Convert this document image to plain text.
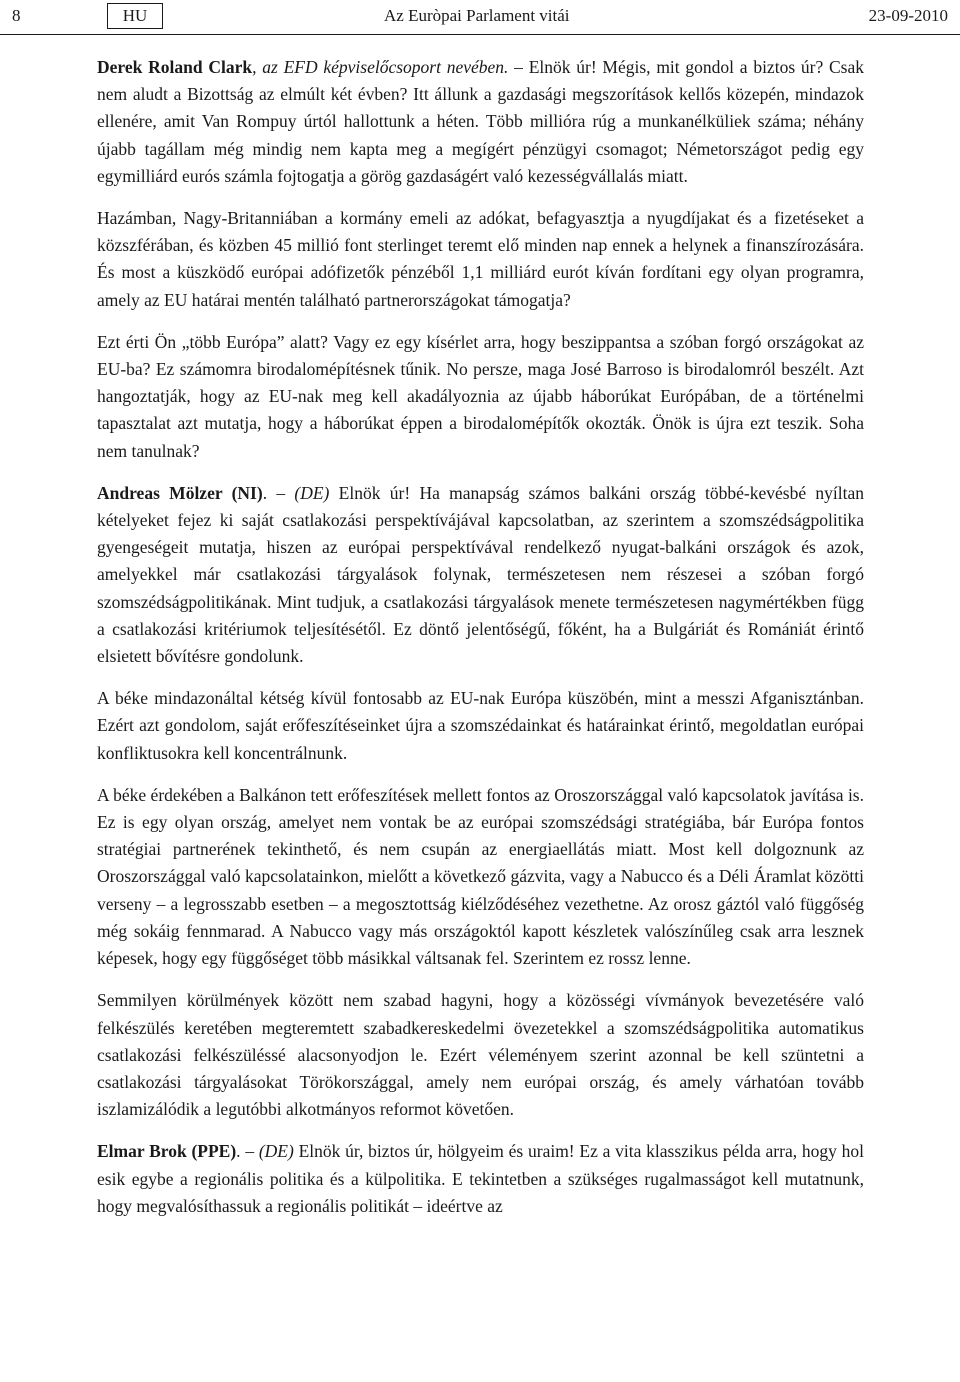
8	HU	Az Euròpai Parlament vitái	23-09-2010

Derek Roland Clark, az EFD képviselőcsoport nevében. – Elnök úr! Mégis, mit gondol a biztos úr? Csak nem aludt a Bizottság az elmúlt két évben? Itt állunk a gazdasági megszorítások kellős közepén, mindazok ellenére, amit Van Rompuy úrtól hallottunk a héten. Több millióra rúg a munkanélküliek száma; néhány újabb tagállam még mindig nem kapta meg a megígért pénzügyi csomagot; Németországot pedig egy egymilliárd eurós számla fojtogatja a görög gazdaságért való kezességvállalás miatt.

Hazámban, Nagy-Britanniában a kormány emeli az adókat, befagyasztja a nyugdíjakat és a fizetéseket a közszférában, és közben 45 millió font sterlinget teremt elő minden nap ennek a helynek a finanszírozására. És most a küszködő európai adófizetők pénzéből 1,1 milliárd eurót kíván fordítani egy olyan programra, amely az EU határai mentén található partnerországokat támogatja?

Ezt érti Ön „több Európa” alatt? Vagy ez egy kísérlet arra, hogy beszippantsa a szóban forgó országokat az EU-ba? Ez számomra birodalomépítésnek tűnik. No persze, maga José Barroso is birodalomról beszélt. Azt hangoztatják, hogy az EU-nak meg kell akadályoznia az újabb háborúkat Európában, de a történelmi tapasztalat azt mutatja, hogy a háborúkat éppen a birodalomépítők okozták. Önök is újra ezt teszik. Soha nem tanulnak?

Andreas Mölzer (NI). – (DE) Elnök úr! Ha manapság számos balkáni ország többé-kevésbé nyíltan kételyeket fejez ki saját csatlakozási perspektívájával kapcsolatban, az szerintem a szomszédságpolitika gyengeségeit mutatja, hiszen az európai perspektívával rendelkező nyugat-balkáni országok és azok, amelyekkel már csatlakozási tárgyalások folynak, természetesen nem részesei a szóban forgó szomszédságpolitikának. Mint tudjuk, a csatlakozási tárgyalások menete természetesen nagymértékben függ a csatlakozási kritériumok teljesítésétől. Ez döntő jelentőségű, főként, ha a Bulgáriát és Romániát érintő elsietett bővítésre gondolunk.

A béke mindazonáltal kétség kívül fontosabb az EU-nak Európa küszöbén, mint a messzi Afganisztánban. Ezért azt gondolom, saját erőfeszítéseinket újra a szomszédainkat és határainkat érintő, megoldatlan európai konfliktusokra kell koncentrálnunk.

A béke érdekében a Balkánon tett erőfeszítések mellett fontos az Oroszországgal való kapcsolatok javítása is. Ez is egy olyan ország, amelyet nem vontak be az európai szomszédsági stratégiába, bár Európa fontos stratégiai partnerének tekinthető, és nem csupán az energiaellátás miatt. Most kell dolgoznunk az Oroszországgal való kapcsolatainkon, mielőtt a következő gázvita, vagy a Nabucco és a Déli Áramlat közötti verseny – a legrosszabb esetben – a megosztottság kiélződéséhez vezethetne. Az orosz gáztól való függőség még sokáig fennmarad. A Nabucco vagy más országoktól kapott készletek valószínűleg csak arra lesznek képesek, hogy egy függőséget több másikkal váltsanak fel. Szerintem ez rossz lenne.

Semmilyen körülmények között nem szabad hagyni, hogy a közösségi vívmányok bevezetésére való felkészülés keretében megteremtett szabadkereskedelmi övezetekkel a szomszédságpolitika automatikus csatlakozási felkészüléssé alacsonyodjon le. Ezért véleményem szerint azonnal be kell szüntetni a csatlakozási tárgyalásokat Törökországgal, amely nem európai ország, és amely várhatóan tovább iszlamizálódik a legutóbbi alkotmányos reformot követően.

Elmar Brok (PPE). – (DE) Elnök úr, biztos úr, hölgyeim és uraim! Ez a vita klasszikus példa arra, hogy hol esik egybe a regionális politika és a külpolitika. E tekintetben a szükséges rugalmasságot kell mutatnunk, hogy megvalósíthassuk a regionális politikát – ideértve az
